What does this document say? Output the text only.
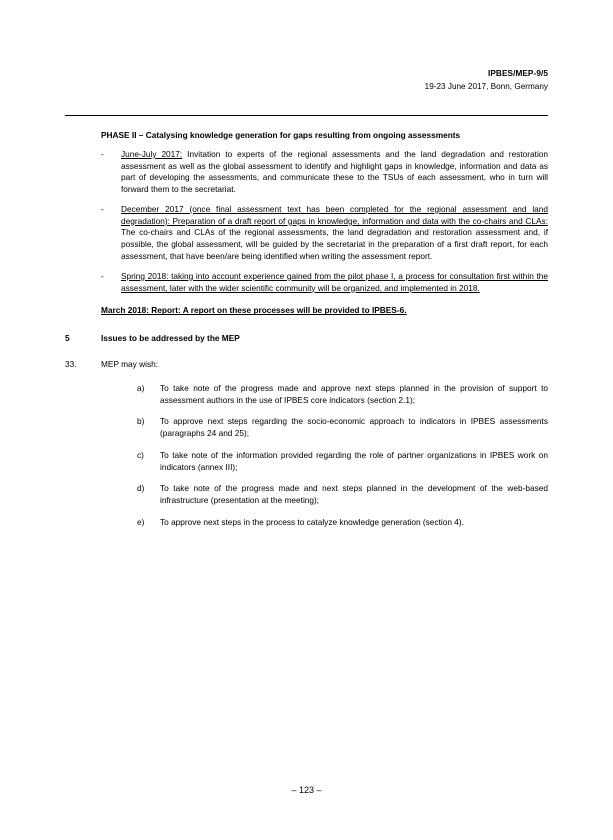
IPBES/MEP-9/5
19-23 June 2017, Bonn, Germany
PHASE II – Catalysing knowledge generation for gaps resulting from ongoing assessments
-	June-July 2017: Invitation to experts of the regional assessments and the land degradation and restoration assessment as well as the global assessment to identify and highlight gaps in knowledge, information and data as part of developing the assessments, and communicate these to the TSUs of each assessment, who in turn will forward them to the secretariat.
-	December 2017 (once final assessment text has been completed for the regional assessment and land degradation): Preparation of a draft report of gaps in knowledge, information and data with the co-chairs and CLAs: The co-chairs and CLAs of the regional assessments, the land degradation and restoration assessment and, if possible, the global assessment, will be guided by the secretariat in the preparation of a first draft report, for each assessment, that have been/are being identified when writing the assessment report.
-	Spring 2018: taking into account experience gained from the pilot phase I, a process for consultation first within the assessment, later with the wider scientific community will be organized, and implemented in 2018.
March 2018: Report: A report on these processes will be provided to IPBES-6.
5	Issues to be addressed by the MEP
33.	MEP may wish:
a)	To take note of the progress made and approve next steps planned in the provision of support to assessment authors in the use of IPBES core indicators (section 2.1);
b)	To approve next steps regarding the socio-economic approach to indicators in IPBES assessments (paragraphs 24 and 25);
c)	To take note of the information provided regarding the role of partner organizations in IPBES work on indicators (annex III);
d)	To take note of the progress made and next steps planned in the development of the web-based infrastructure (presentation at the meeting);
e)	To approve next steps in the process to catalyze knowledge generation (section 4).
– 123 –
